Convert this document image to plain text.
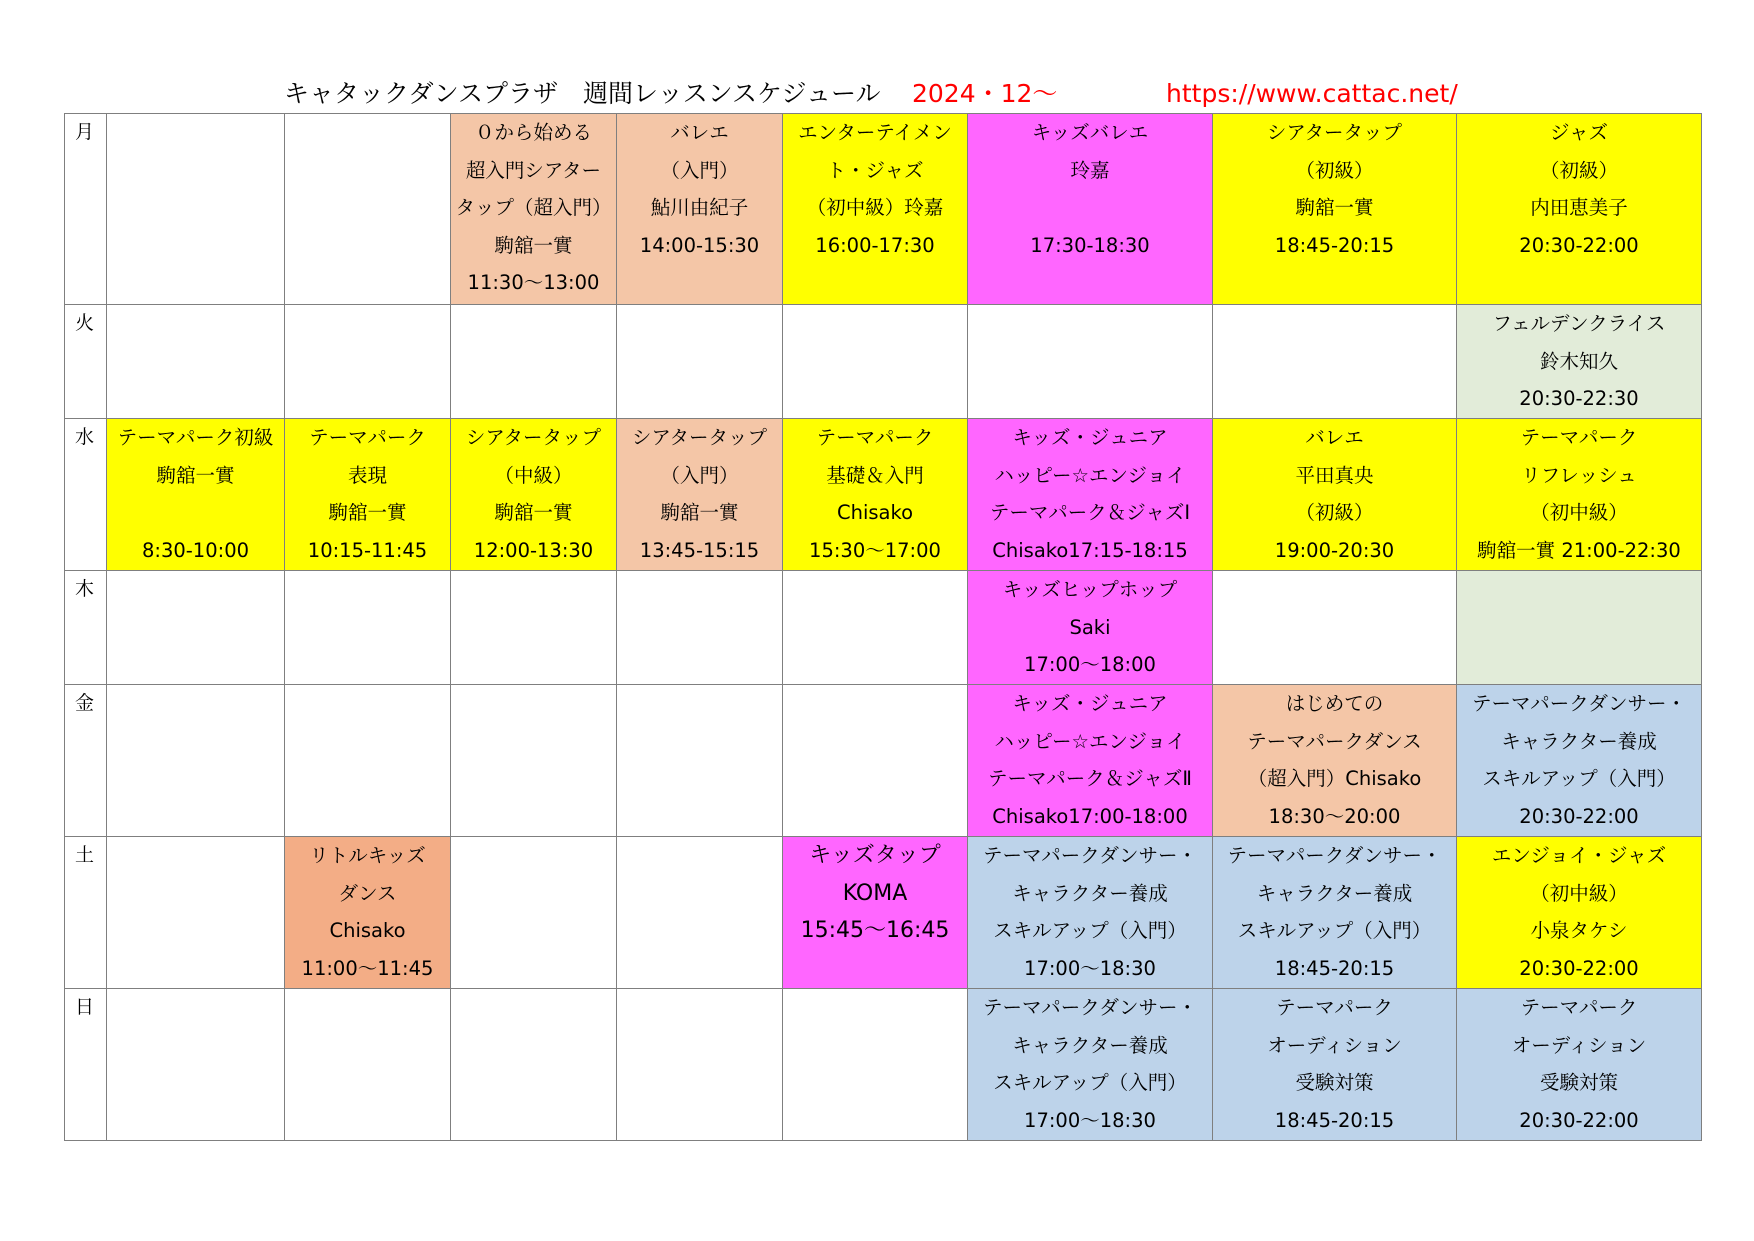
キャタックダンスプラザ　週間レッスンスケジュール 2024・12～	https://www.cattac.net/
月			０から始める
超入門シアター
タップ（超入門）
駒舘一實
11:30～13:00	バレエ
（入門）
鮎川由紀子
14:00-15:30	エンターテイメン
ト・ジャズ
（初中級）玲嘉
16:00-17:30	キッズバレエ
玲嘉

17:30-18:30	シアタータップ
（初級）
駒舘一實
18:45-20:15	ジャズ
（初級）
内田恵美子
20:30-22:00

火								フェルデンクライス
鈴木知久
20:30-22:30

水	テーマパーク初級
駒舘一實

8:30-10:00	テーマパーク
表現
駒舘一實
10:15-11:45	シアタータップ
（中級）
駒舘一實
12:00-13:30	シアタータップ
（入門）
駒舘一實
13:45-15:15	テーマパーク
基礎＆入門
Chisako
15:30～17:00	キッズ・ジュニア
ハッピー☆エンジョイ
テーマパーク＆ジャズⅠ
Chisako17:15-18:15	バレエ
平田真央
（初級）
19:00-20:30	テーマパーク
リフレッシュ
（初中級）
駒舘一實 21:00-22:30

木						キッズヒップホップ
Saki
17:00～18:00		

金						キッズ・ジュニア
ハッピー☆エンジョイ
テーマパーク＆ジャズⅡ
Chisako17:00-18:00	はじめての
テーマパークダンス
（超入門）Chisako
18:30～20:00	テーマパークダンサー・
キャラクター養成
スキルアップ（入門）
20:30-22:00

土		リトルキッズ
ダンス
Chisako
11:00～11:45			キッズタップ
KOMA
15:45～16:45	テーマパークダンサー・
キャラクター養成
スキルアップ（入門）
17:00～18:30	テーマパークダンサー・
キャラクター養成
スキルアップ（入門）
18:45-20:15	エンジョイ・ジャズ
（初中級）
小泉タケシ
20:30-22:00

日						テーマパークダンサー・
キャラクター養成
スキルアップ（入門）
17:00～18:30	テーマパーク
オーディション
受験対策
18:45-20:15	テーマパーク
オーディション
受験対策
20:30-22:00
